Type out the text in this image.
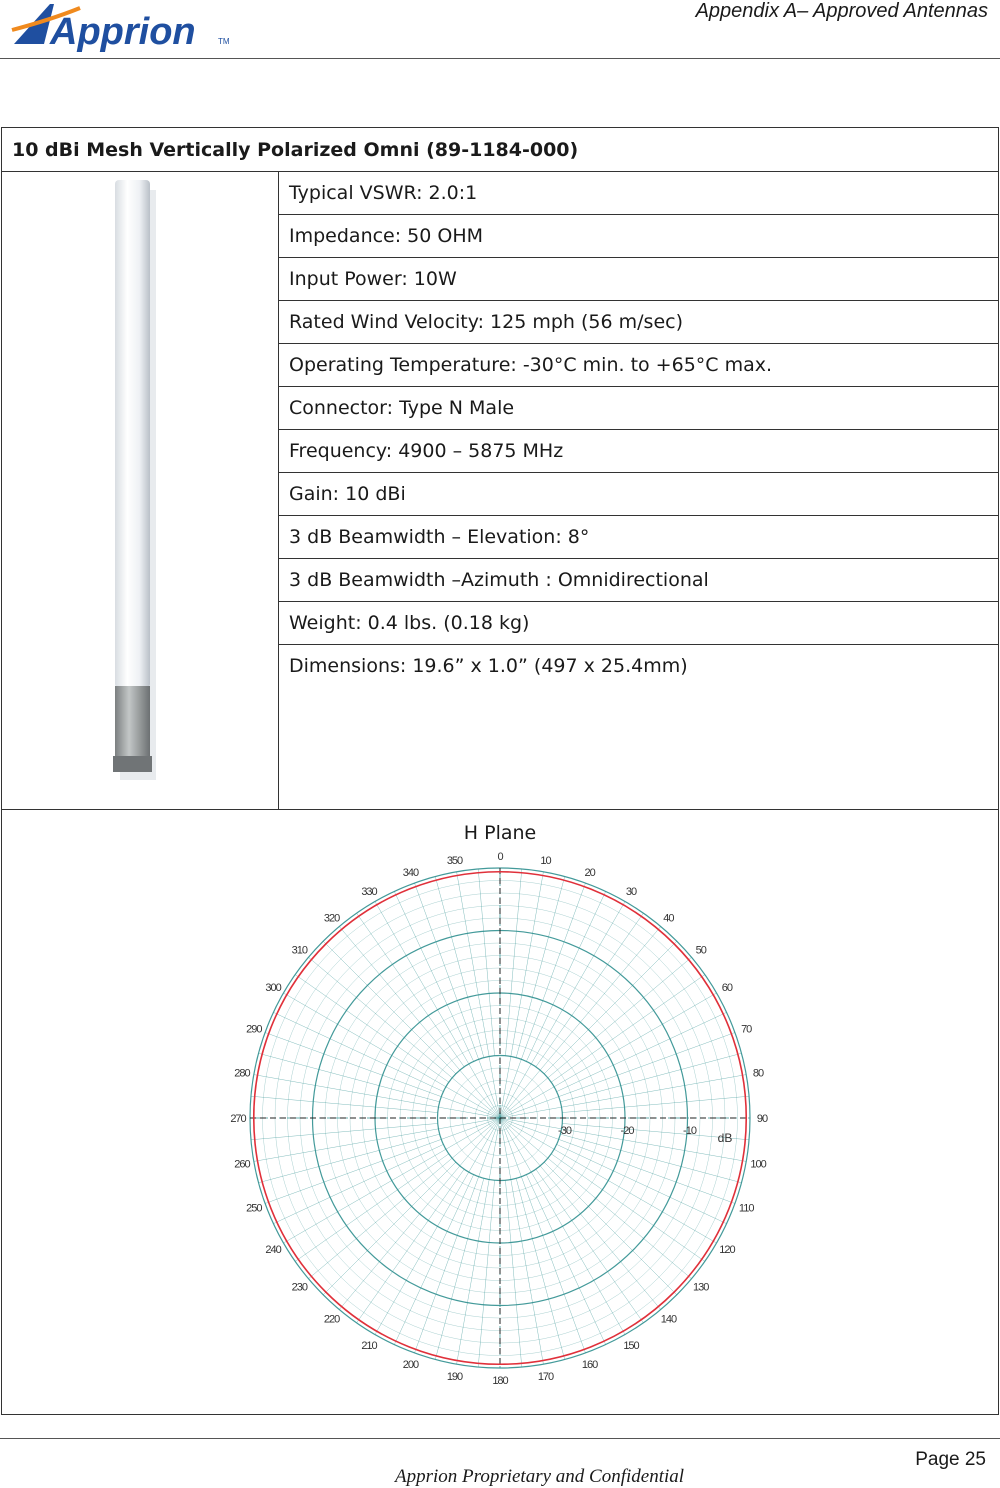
Apprion	TM
Appendix A– Approved Antennas
10 dBi Mesh Vertically Polarized Omni (89-1184-000)
	Typical VSWR: 2.0:1
Impedance: 50 OHM
Input Power: 10W
Rated Wind Velocity: 125 mph (56 m/sec)
Operating Temperature: -30°C min. to +65°C max.
Connector: Type N Male
Frequency: 4900 – 5875 MHz
Gain: 10 dBi
3 dB Beamwidth – Elevation: 8°
3 dB Beamwidth –Azimuth : Omnidirectional
Weight: 0.4 lbs. (0.18 kg)
Dimensions: 19.6” x 1.0” (497 x 25.4mm)

H Plane
0	10
20
30
40
50
60
70
80
90
100
110
120
130
140
150
160
170
180
190
200
210
220
230
240
250
260
270
280
290
300
310
320
330
340
350
-30	-20	-10 dB
Page 25
Apprion Proprietary and Confidential
